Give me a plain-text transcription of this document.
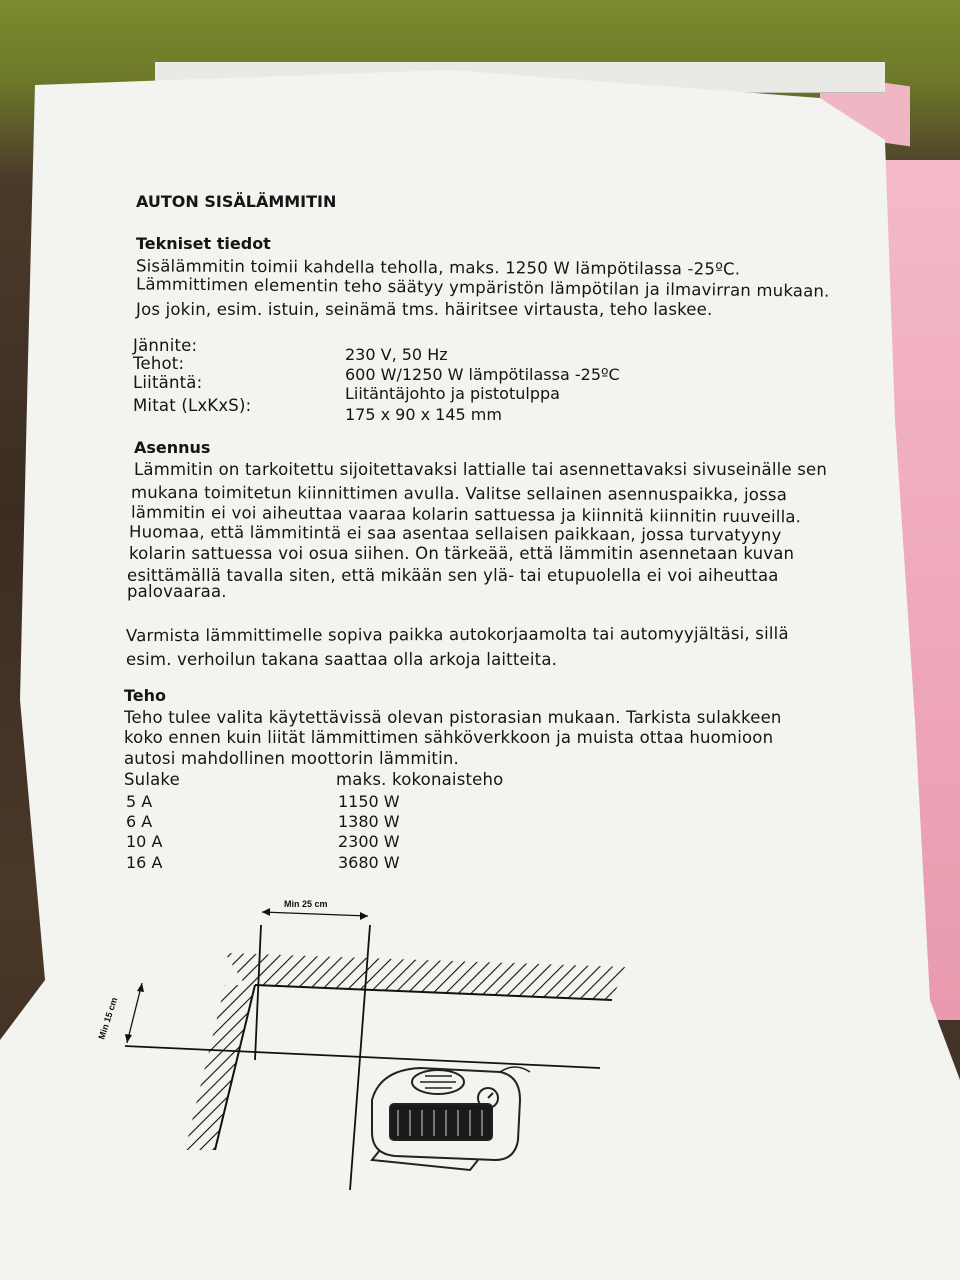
AUTON SISÄLÄMMITIN
Tekniset tiedot
Sisälämmitin toimii kahdella teholla, maks. 1250 W lämpötilassa -25ºC.
Lämmittimen elementin teho säätyy ympäristön lämpötilan ja ilmavirran mukaan.
Jos jokin, esim. istuin, seinämä tms. häiritsee virtausta, teho laskee.
Jännite:	230 V, 50 Hz
Tehot:
600 W/1250 W lämpötilassa -25ºC
Liitäntä:
Liitäntäjohto ja pistotulppa
Mitat (LxKxS):	175 x 90 x 145 mm
Asennus
Lämmitin on tarkoitettu sijoitettavaksi lattialle tai asennettavaksi sivuseinälle sen
mukana toimitetun kiinnittimen avulla. Valitse sellainen asennuspaikka, jossa
lämmitin ei voi aiheuttaa vaaraa kolarin sattuessa ja kiinnitä kiinnitin ruuveilla.
Huomaa, että lämmitintä ei saa asentaa sellaisen paikkaan, jossa turvatyyny
kolarin sattuessa voi osua siihen. On tärkeää, että lämmitin asennetaan kuvan
esittämällä tavalla siten, että mikään sen ylä- tai etupuolella ei voi aiheuttaa
palovaaraa.
Varmista lämmittimelle sopiva paikka autokorjaamolta tai automyyjältäsi, sillä
esim. verhoilun takana saattaa olla arkoja laitteita.
Teho
Teho tulee valita käytettävissä olevan pistorasian mukaan. Tarkista sulakkeen
koko ennen kuin liität lämmittimen sähköverkkoon ja muista ottaa huomioon
autosi mahdollinen moottorin lämmitin.
Sulake	maks. kokonaisteho
5 A	1150 W
6 A	1380 W
10 A	2300 W
16 A	3680 W
Min 25 cm
Min 15 cm
